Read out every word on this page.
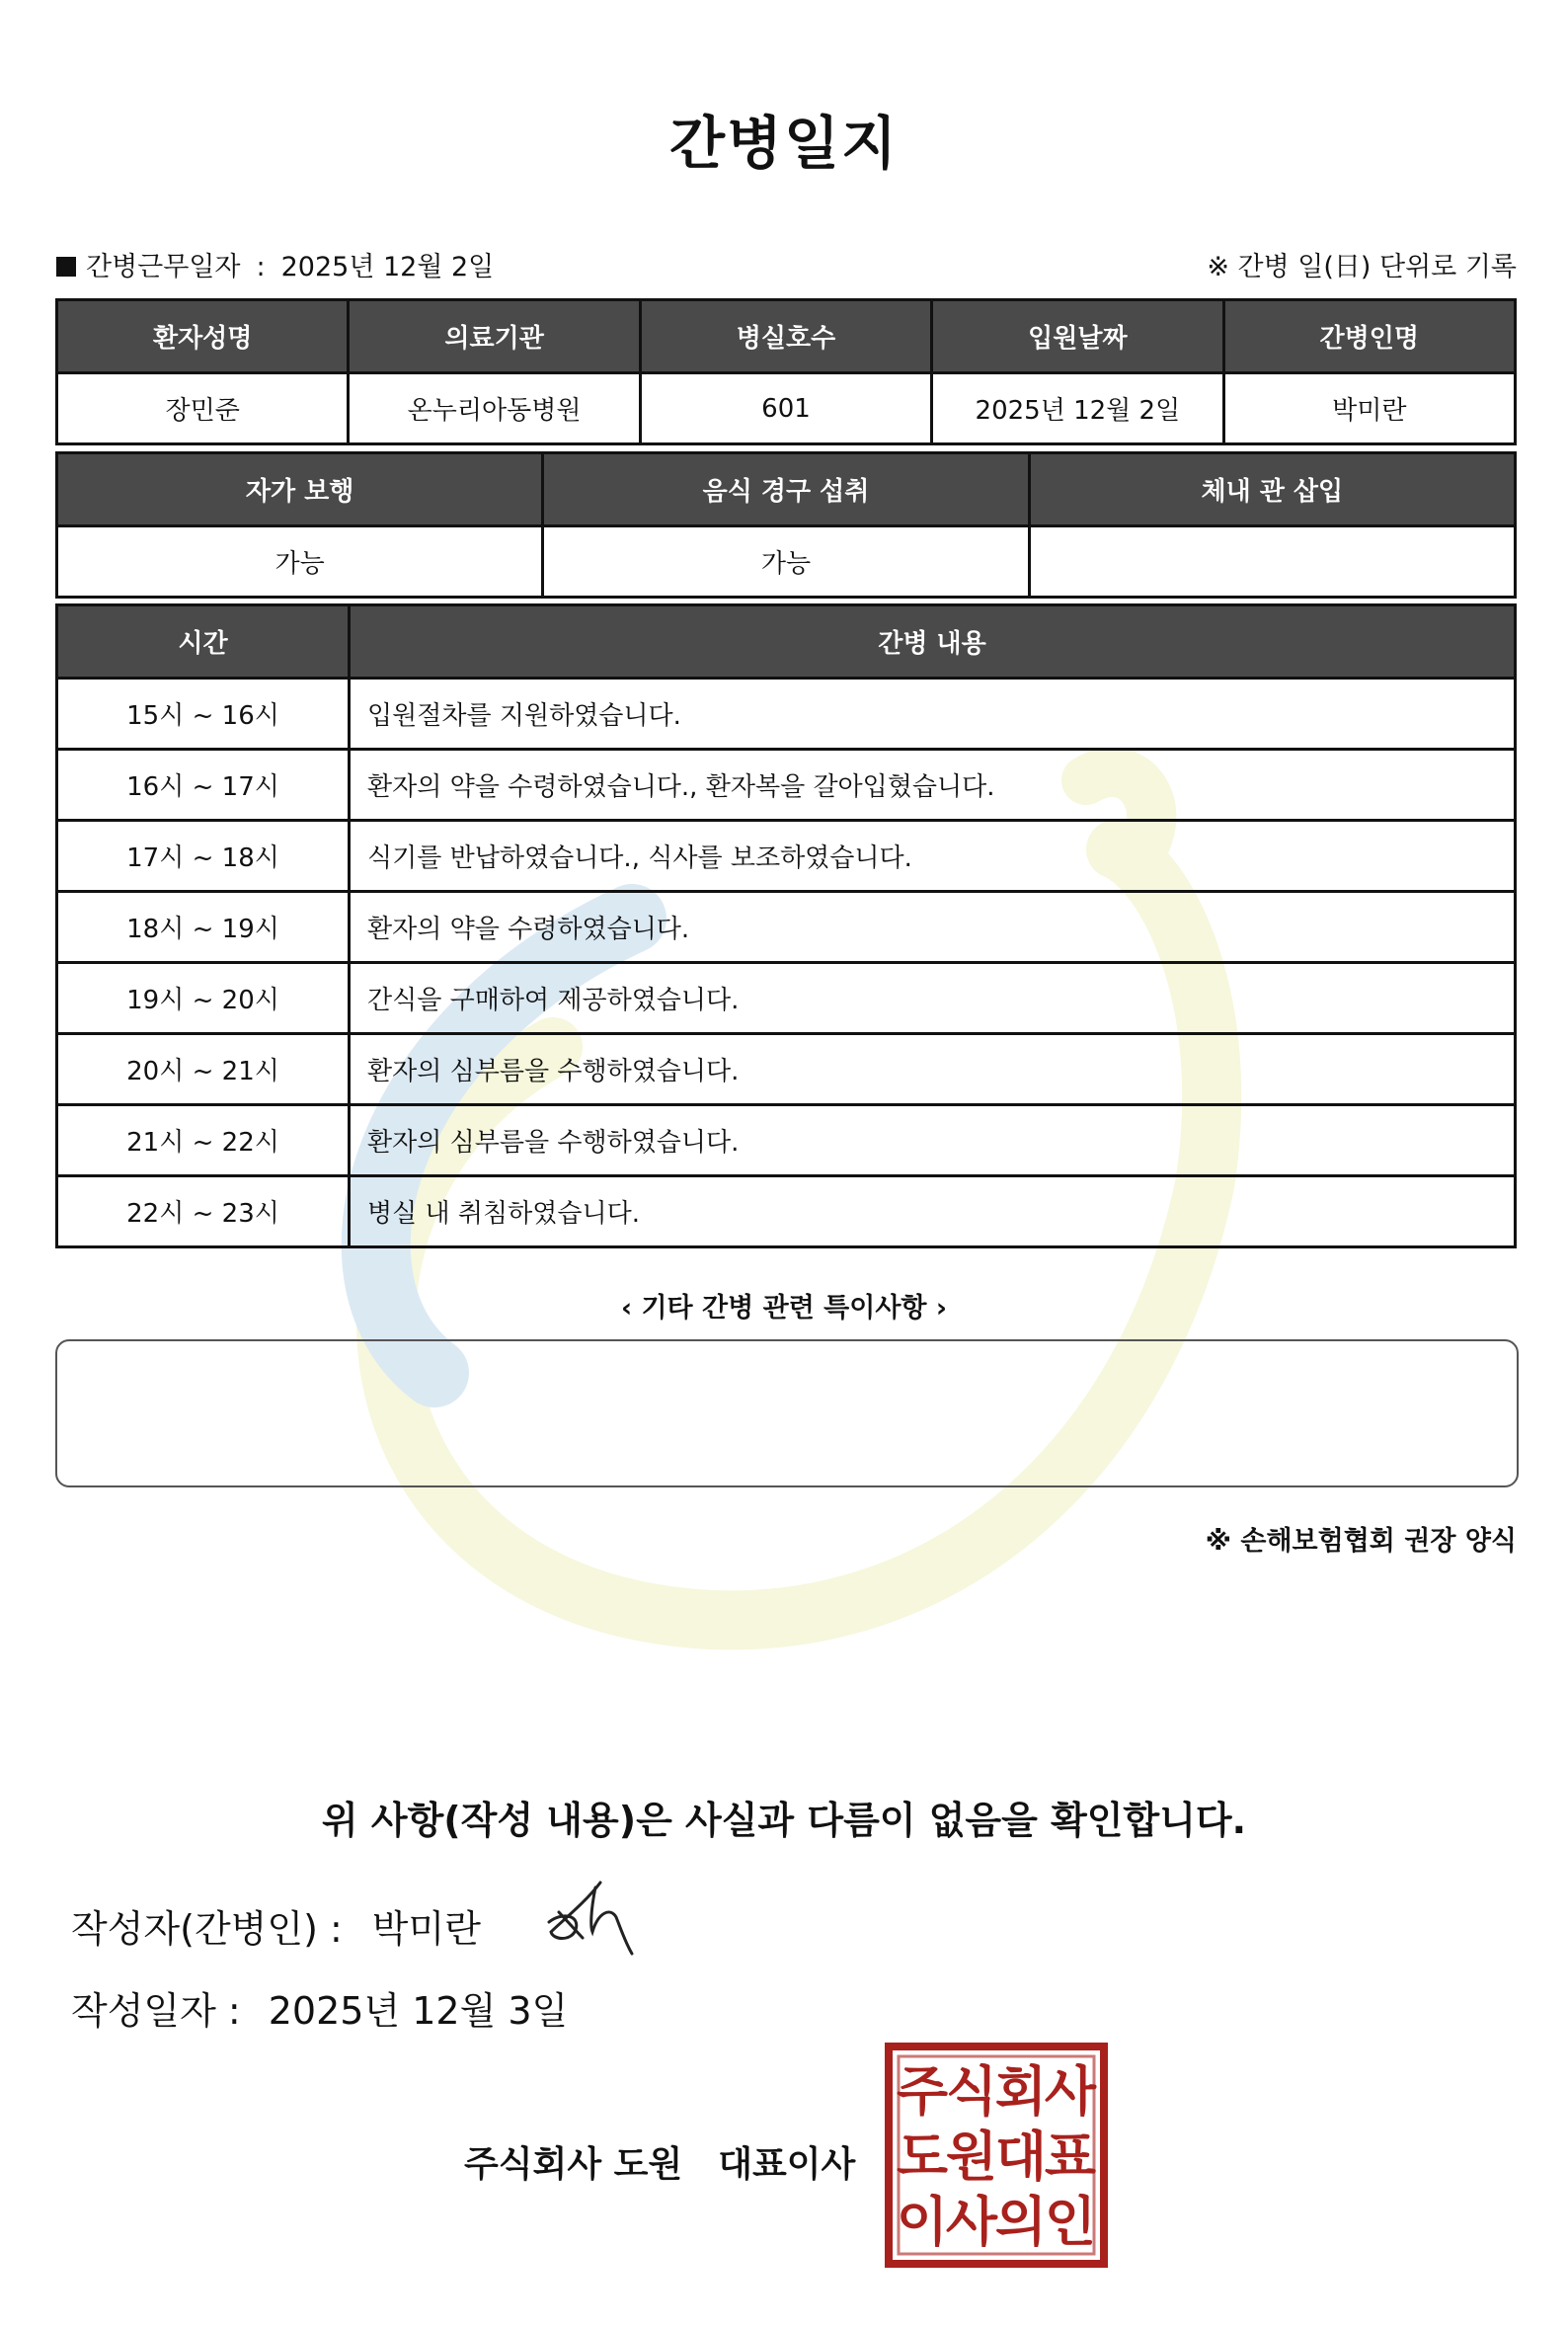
간병일지
간병근무일자 : 2025년 12월 2일	※ 간병 일(日) 단위로 기록
환자성명	의료기관	병실호수	입원날짜	간병인명
장민준	온누리아동병원	601	2025년 12월 2일	박미란
자가 보행	음식 경구 섭취	체내 관 삽입
가능	가능	
시간	간병 내용
15시 ~ 16시	입원절차를 지원하였습니다.
16시 ~ 17시	환자의 약을 수령하였습니다., 환자복을 갈아입혔습니다.
17시 ~ 18시	식기를 반납하였습니다., 식사를 보조하였습니다.
18시 ~ 19시	환자의 약을 수령하였습니다.
19시 ~ 20시	간식을 구매하여 제공하였습니다.
20시 ~ 21시	환자의 심부름을 수행하였습니다.
21시 ~ 22시	환자의 심부름을 수행하였습니다.
22시 ~ 23시	병실 내 취침하였습니다.
‹ 기타 간병 관련 특이사항 ›
※ 손해보험협회 권장 양식
위 사항(작성 내용)은 사실과 다름이 없음을 확인합니다.
작성자(간병인) : 박미란
작성일자 : 2025년 12월 3일
주식회사 도원 대표이사
주
식
회
사
도
원
대
표
이
사
의
인
